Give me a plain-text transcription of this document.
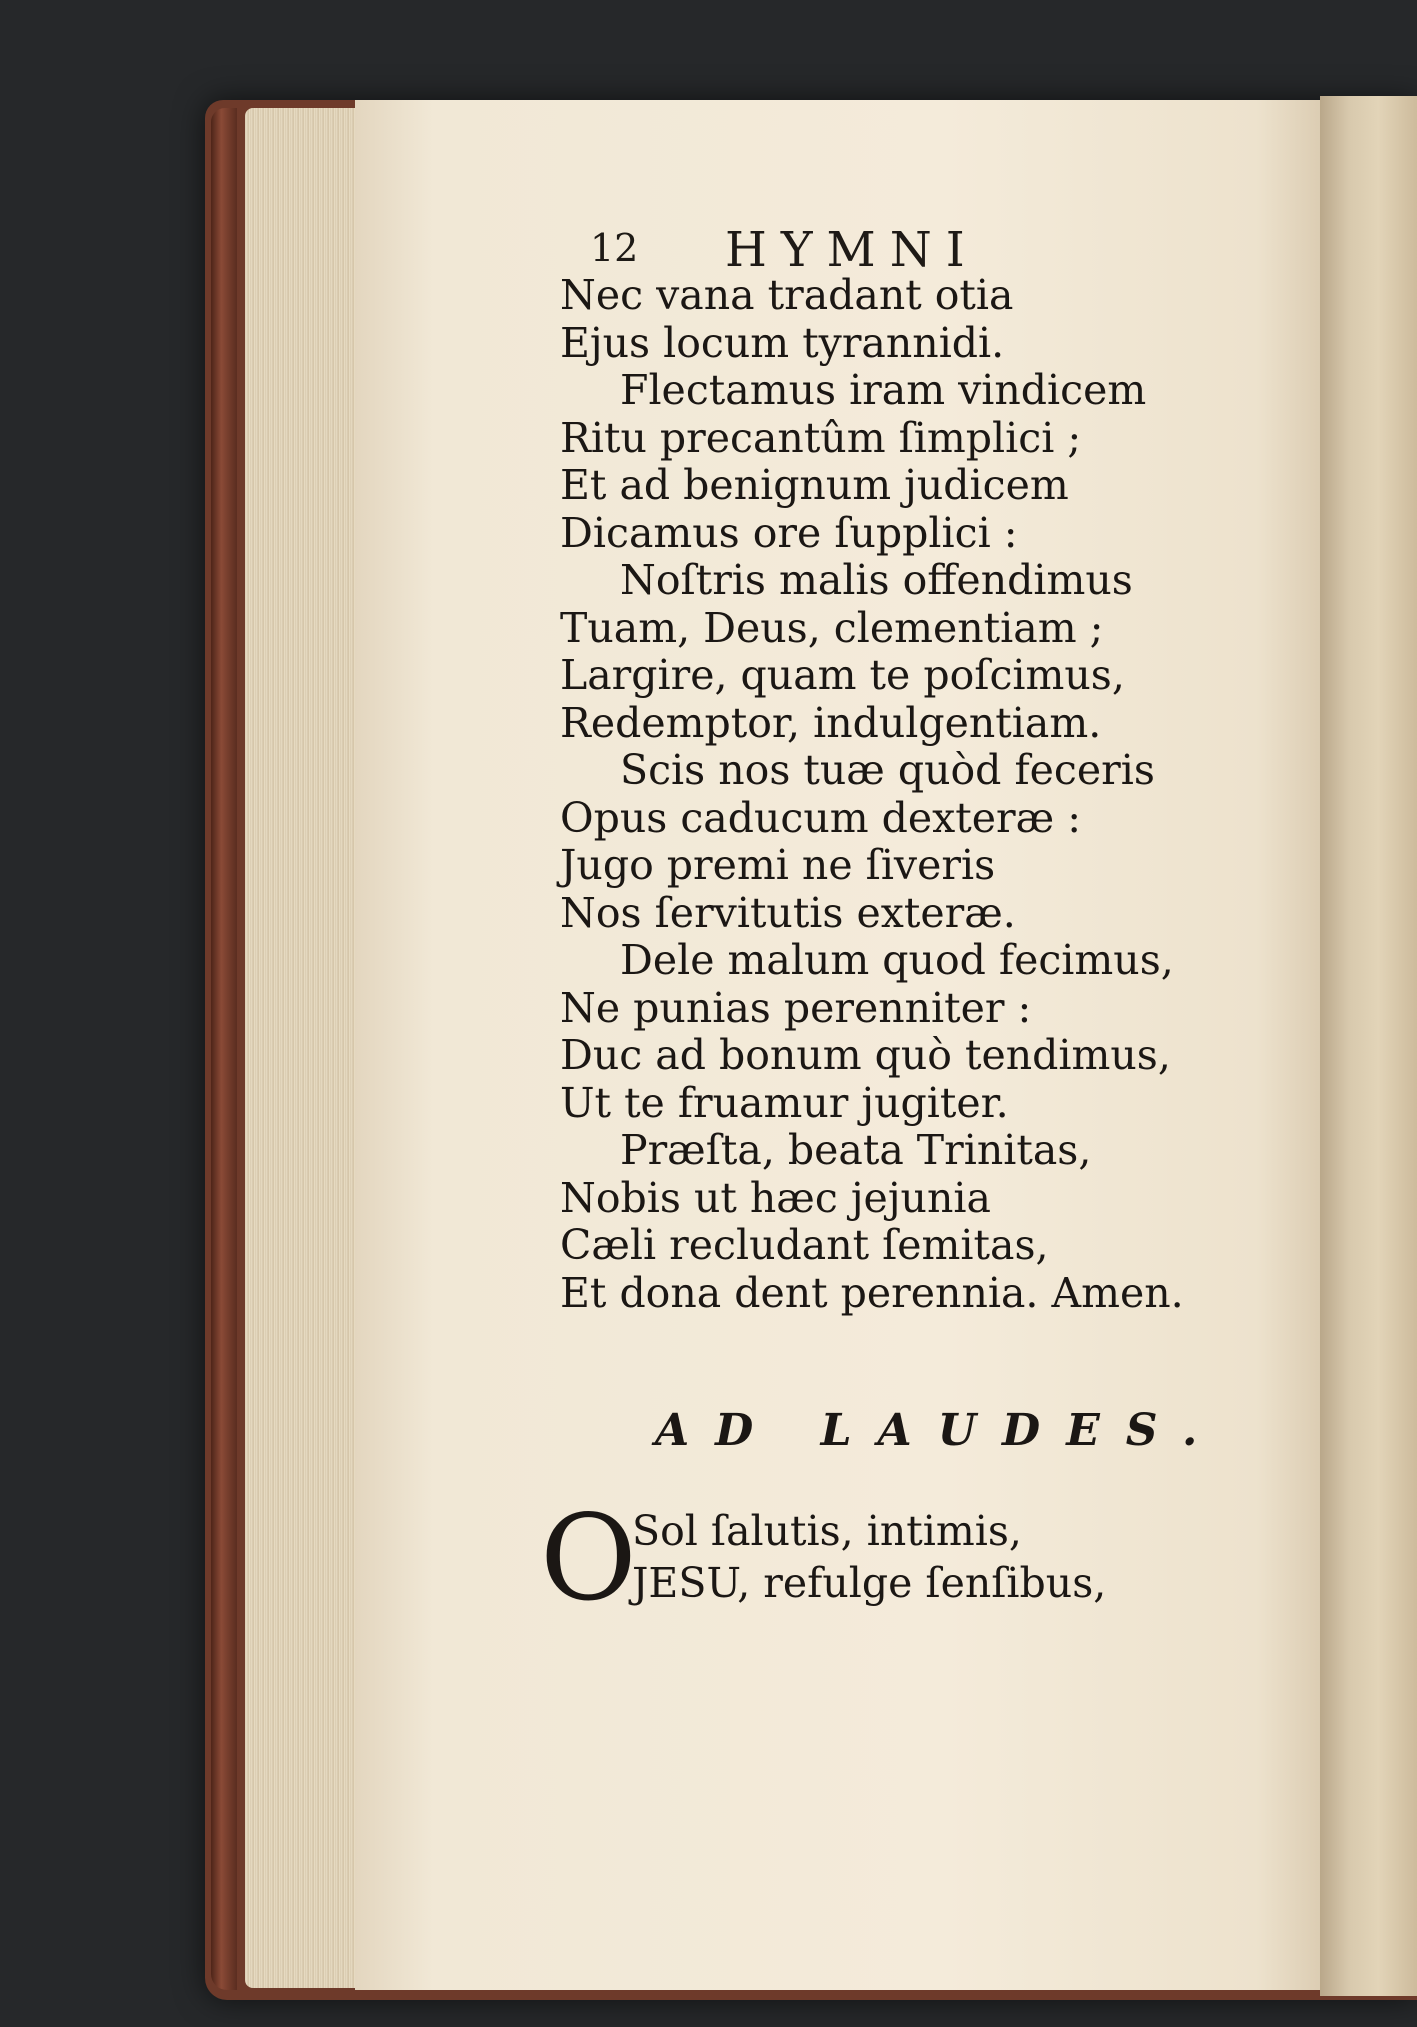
12 HYMNI
Nec vana tradant otia
Ejus locum tyrannidi.
Flectamus iram vindicem
Ritu precantûm ſimplici ;
Et ad benignum judicem
Dicamus ore ſupplici :
Noſtris malis offendimus
Tuam, Deus, clementiam ;
Largire, quam te poſcimus,
Redemptor, indulgentiam.
Scis nos tuæ quòd feceris
Opus caducum dexteræ :
Jugo premi ne ſiveris
Nos ſervitutis exteræ.
Dele malum quod fecimus,
Ne punias perenniter :
Duc ad bonum quò tendimus,
Ut te fruamur jugiter.
Præſta, beata Trinitas,
Nobis ut hæc jejunia
Cæli recludant ſemitas,
Et dona dent perennia. Amen.
AD LAUDES.
O
Sol ſalutis, intimis,
JESU, refulge ſenſibus,
